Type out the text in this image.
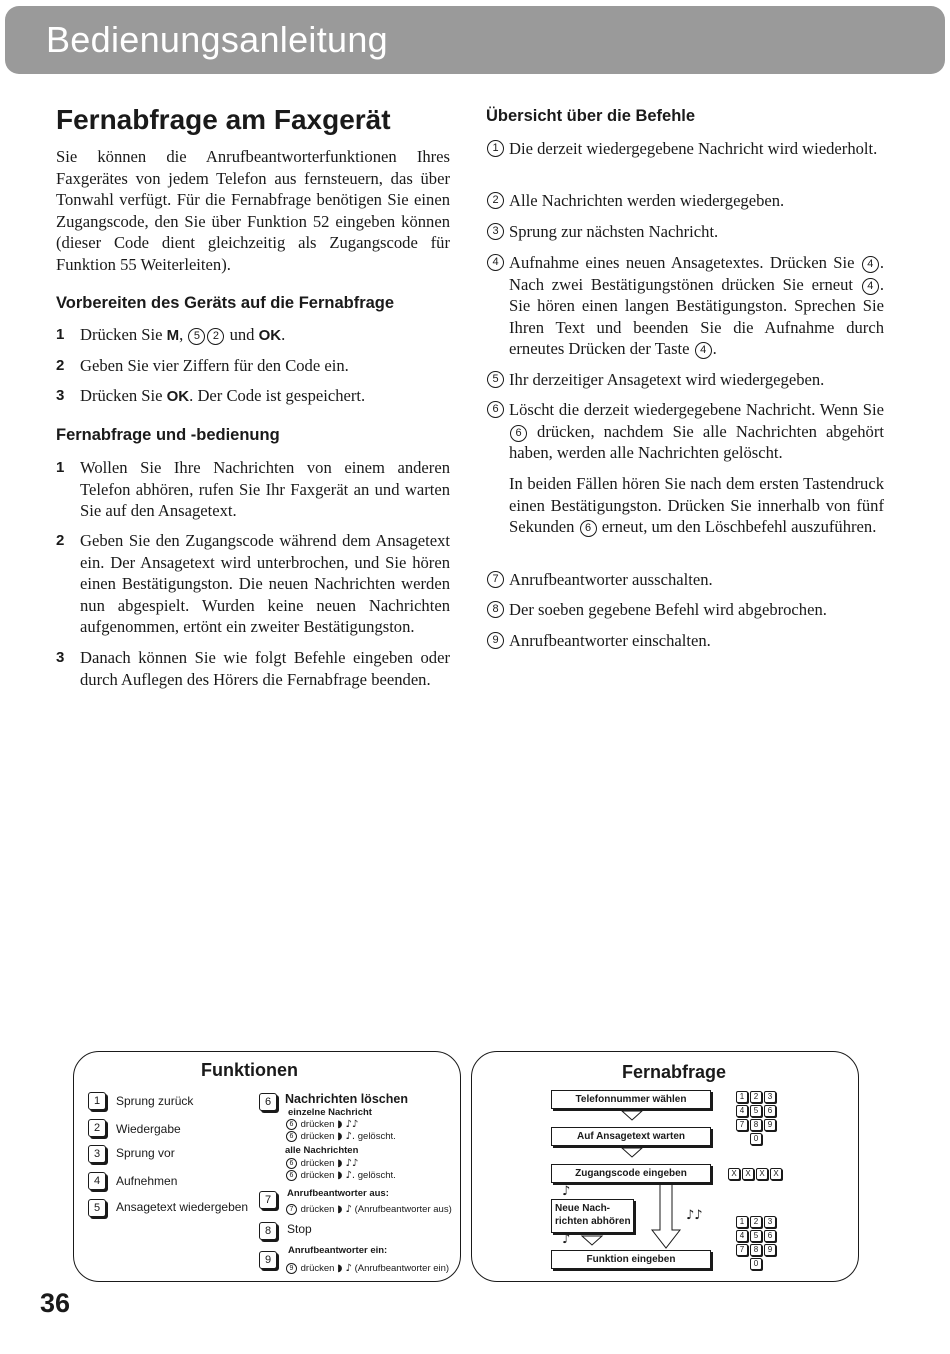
Bedienungsanleitung
Fernabfrage am Faxgerät
Sie können die Anrufbeantworterfunktionen Ihres Faxgerätes von jedem Telefon aus fernsteuern, das über Tonwahl verfügt. Für die Fernabfrage benötigen Sie einen Zugangscode, den Sie über Funktion 52 eingeben können (dieser Code dient gleichzeitig als Zugangscode für Funktion 55 Weiterleiten).
Vorbereiten des Geräts auf die Fernabfrage
1 Drücken Sie M, 5 2 und OK.
2 Geben Sie vier Ziffern für den Code ein.
3 Drücken Sie OK. Der Code ist gespeichert.
Fernabfrage und -bedienung
1 Wollen Sie Ihre Nachrichten von einem anderen Telefon abhören, rufen Sie Ihr Faxgerät an und warten Sie auf den Ansagetext.
2 Geben Sie den Zugangscode während dem Ansagetext ein. Der Ansagetext wird unterbrochen, und Sie hören einen Bestätigungston. Die neuen Nachrichten werden nun abgespielt. Wurden keine neuen Nachrichten aufgenommen, ertönt ein zweiter Bestätigungston.
3 Danach können Sie wie folgt Befehle eingeben oder durch Auflegen des Hörers die Fernabfrage beenden.
Übersicht über die Befehle
1 Die derzeit wiedergegebene Nachricht wird wiederholt.
2 Alle Nachrichten werden wiedergegeben.
3 Sprung zur nächsten Nachricht.
4 Aufnahme eines neuen Ansagetextes. Drücken Sie 4 . Nach zwei Bestätigungstönen drücken Sie erneut 4 . Sie hören einen langen Bestätigungston. Sprechen Sie Ihren Text und beenden Sie die Aufnahme durch erneutes Drücken der Taste 4 .
5 Ihr derzeitiger Ansagetext wird wiedergegeben.
6 Löscht die derzeit wiedergegebene Nachricht. Wenn Sie 6 drücken, nachdem Sie alle Nachrichten abgehört haben, werden alle Nachrichten gelöscht.
In beiden Fällen hören Sie nach dem ersten Tastendruck einen Bestätigungston. Drücken Sie innerhalb von fünf Sekunden 6 erneut, um den Löschbefehl auszuführen.
7 Anrufbeantworter ausschalten.
8 Der soeben gegebene Befehl wird abgebrochen.
9 Anrufbeantworter einschalten.
Funktionen
1	Sprung zurück
2	Wiedergabe
3	Sprung vor
4	Aufnehmen
5	Ansagetext wiedergeben
6	Nachrichten löschen
einzelne Nachricht
6 drücken ◗ ♪♪
6 drücken ◗ ♪. gelöscht.
alle Nachrichten
6 drücken ◗ ♪♪
6 drücken ◗ ♪. gelöscht.
7
Anrufbeantworter aus:
7 drücken ◗ ♪ (Anrufbeantworter aus)
8	Stop
9
Anrufbeantworter ein:
9 drücken ◗ ♪ (Anrufbeantworter ein)
Fernabfrage
Telefonnummer wählen
Auf Ansagetext warten
Zugangscode eingeben
Neue Nach-
richten abhören
Funktion eingeben
♪
♪
♪♪
1	2	3
4	5	6
7	8	9
0
1	2	3
4	5	6
7	8	9
0
X	X	X	X
36
